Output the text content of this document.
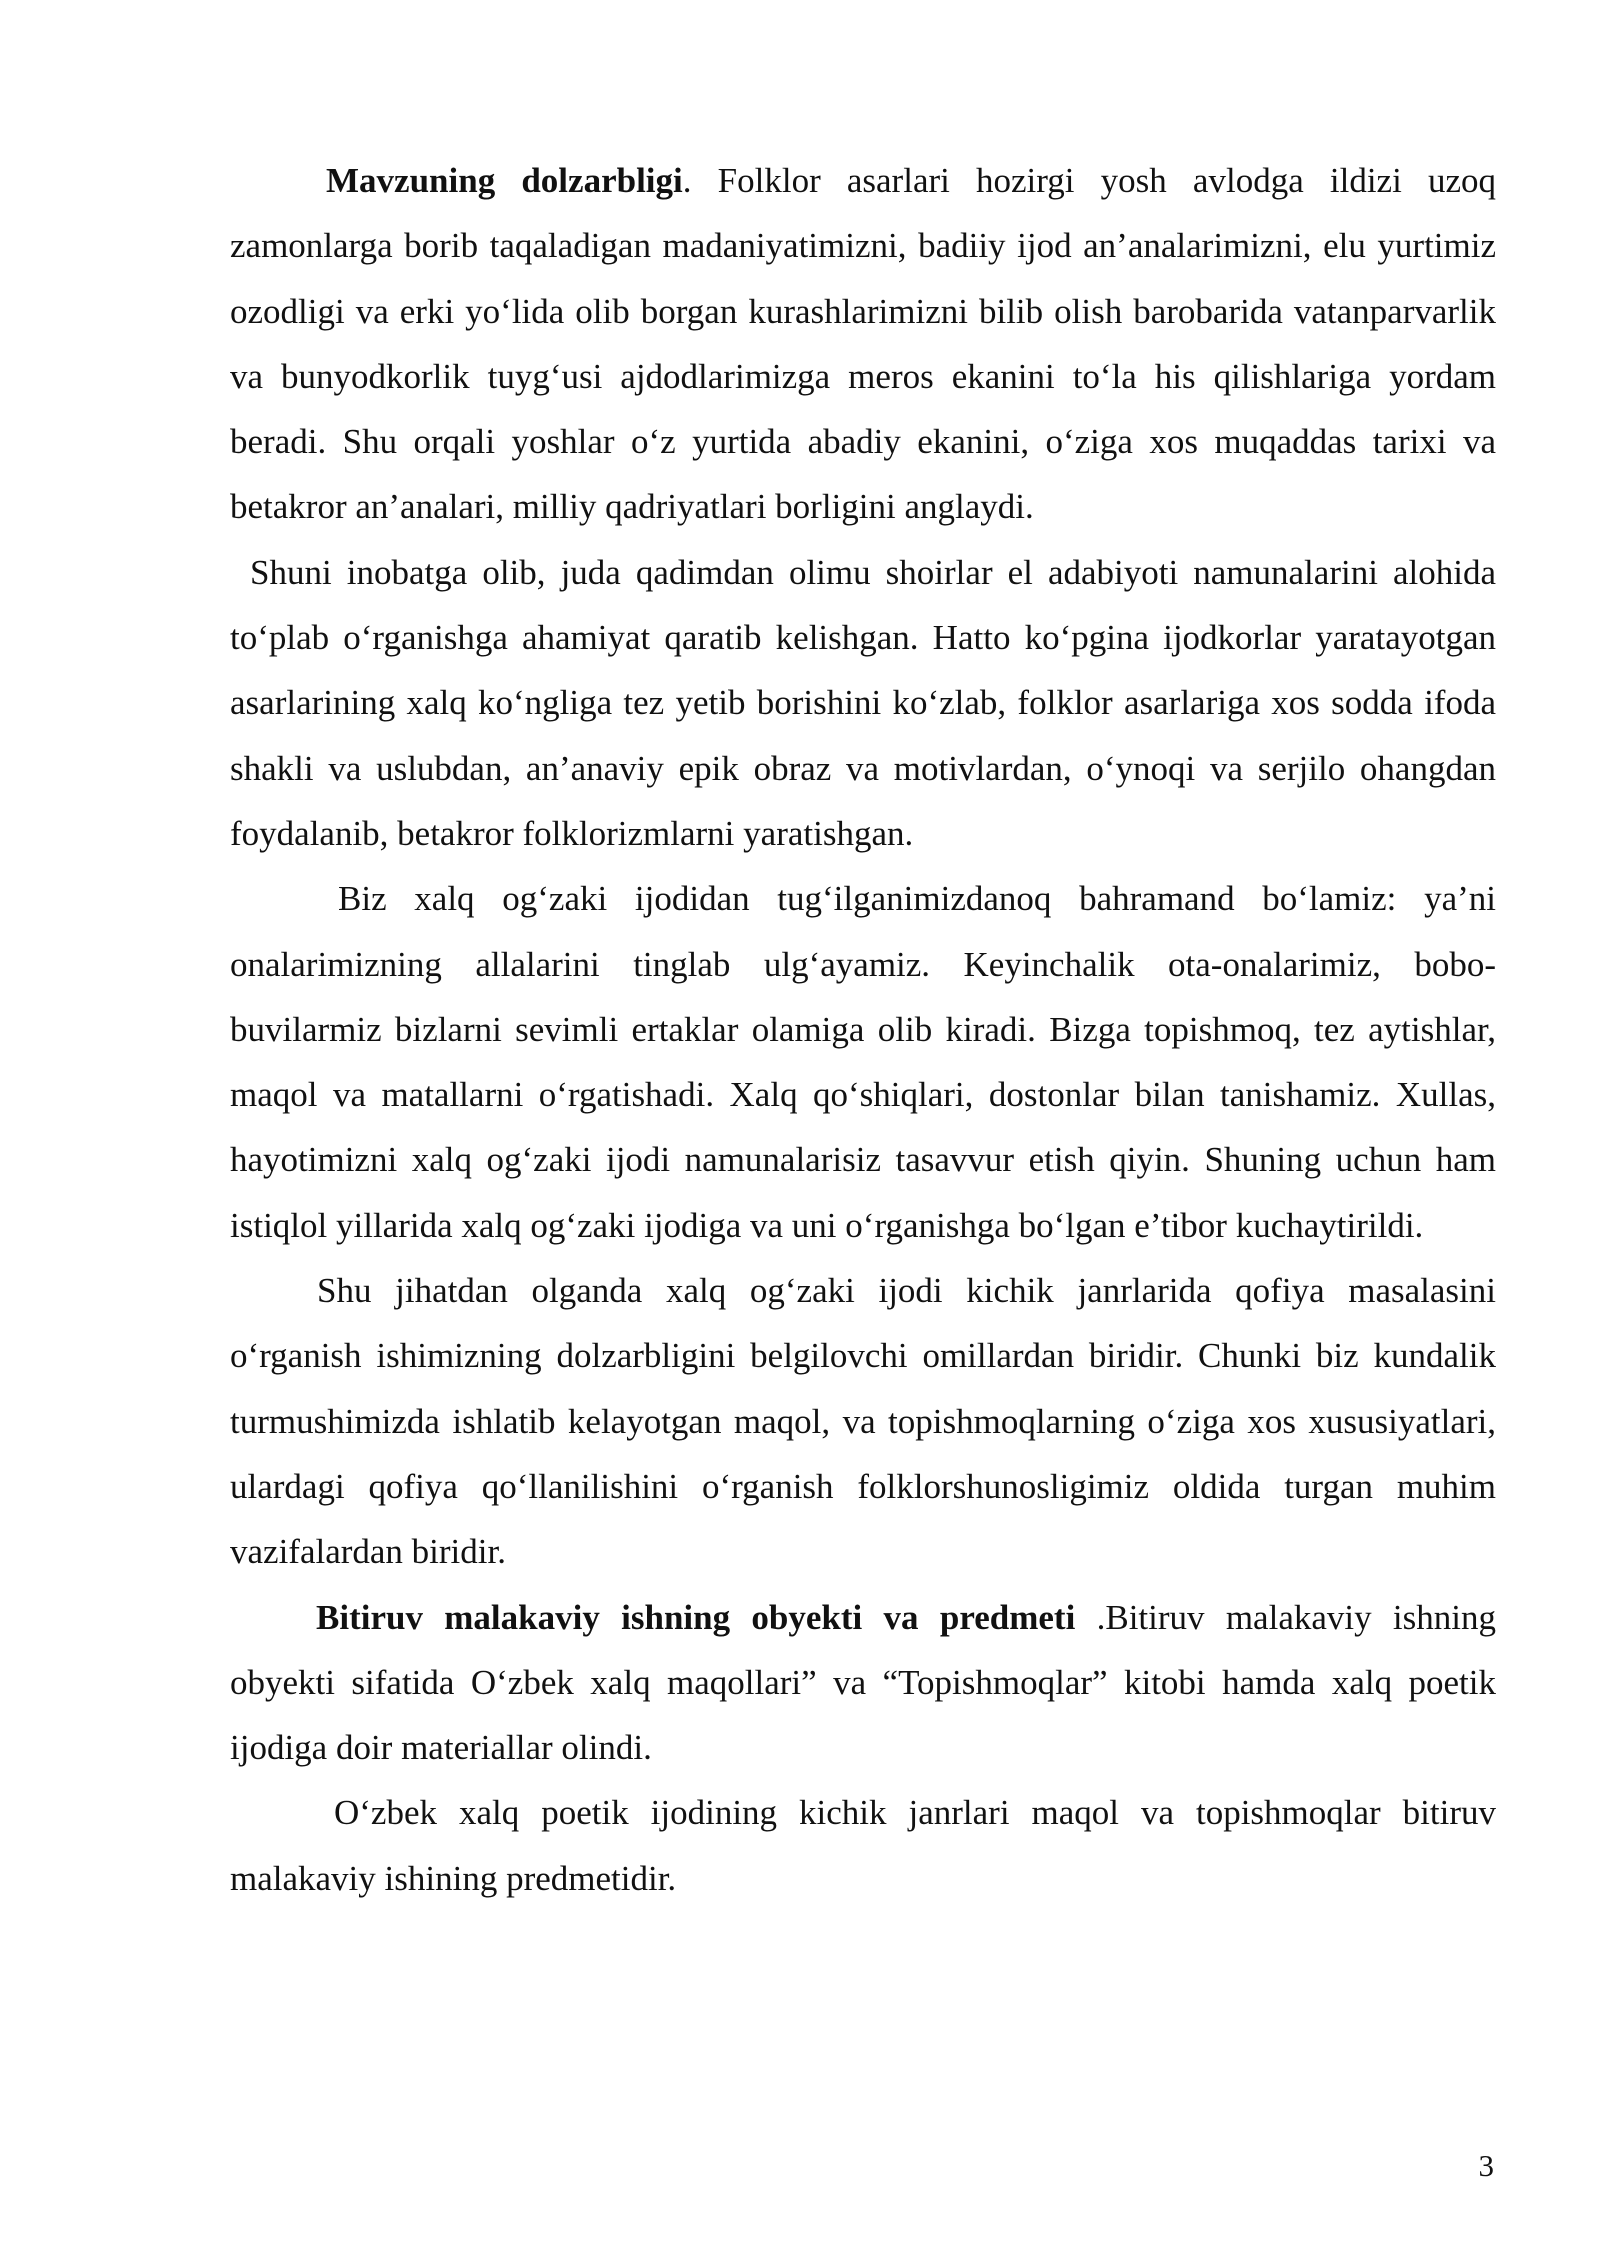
Mavzuning dolzarbligi. Folklor asarlari hozirgi yosh avlodga ildizi uzoq zamonlarga borib taqaladigan madaniyatimizni, badiiy ijod an’analarimizni, elu yurtimiz ozodligi va erki yo‘lida olib borgan kurashlarimizni bilib olish barobarida vatanparvarlik va bunyodkorlik tuyg‘usi ajdodlarimizga meros ekanini to‘la his qilishlariga yordam beradi. Shu orqali yoshlar o‘z yurtida abadiy ekanini, o‘ziga xos muqaddas tarixi va betakror an’analari, milliy qadriyatlari borligini anglaydi.

Shuni inobatga olib, juda qadimdan olimu shoirlar el adabiyoti namunalarini alohida to‘plab o‘rganishga ahamiyat qaratib kelishgan. Hatto ko‘pgina ijodkorlar yaratayotgan asarlarining xalq ko‘ngliga tez yetib borishini ko‘zlab, folklor asarlariga xos sodda ifoda shakli va uslubdan, an’anaviy epik obraz va motivlardan, o‘ynoqi va serjilo ohangdan foydalanib, betakror folklorizmlarni yaratishgan.

Biz xalq og‘zaki ijodidan tug‘ilganimizdanoq bahramand bo‘lamiz: ya’ni onalarimizning allalarini tinglab ulg‘ayamiz. Keyinchalik ota-onalarimiz, bobo-buvilarmiz bizlarni sevimli ertaklar olamiga olib kiradi. Bizga topishmoq, tez aytishlar, maqol va matallarni o‘rgatishadi. Xalq qo‘shiqlari, dostonlar bilan tanishamiz. Xullas, hayotimizni xalq og‘zaki ijodi namunalarisiz tasavvur etish qiyin. Shuning uchun ham istiqlol yillarida xalq og‘zaki ijodiga va uni o‘rganishga bo‘lgan e’tibor kuchaytirildi.

Shu jihatdan olganda xalq og‘zaki ijodi kichik janrlarida qofiya masalasini o‘rganish ishimizning dolzarbligini belgilovchi omillardan biridir. Chunki biz kundalik turmushimizda ishlatib kelayotgan maqol, va topishmoqlarning o‘ziga xos xususiyatlari, ulardagi qofiya qo‘llanilishini o‘rganish folklorshunosligimiz oldida turgan muhim vazifalardan biridir.

Bitiruv malakaviy ishning obyekti va predmeti .Bitiruv malakaviy ishning obyekti sifatida O‘zbek xalq maqollari” va “Topishmoqlar” kitobi hamda xalq poetik ijodiga doir materiallar olindi.

O‘zbek xalq poetik ijodining kichik janrlari maqol va topishmoqlar bitiruv malakaviy ishining predmetidir.

3
